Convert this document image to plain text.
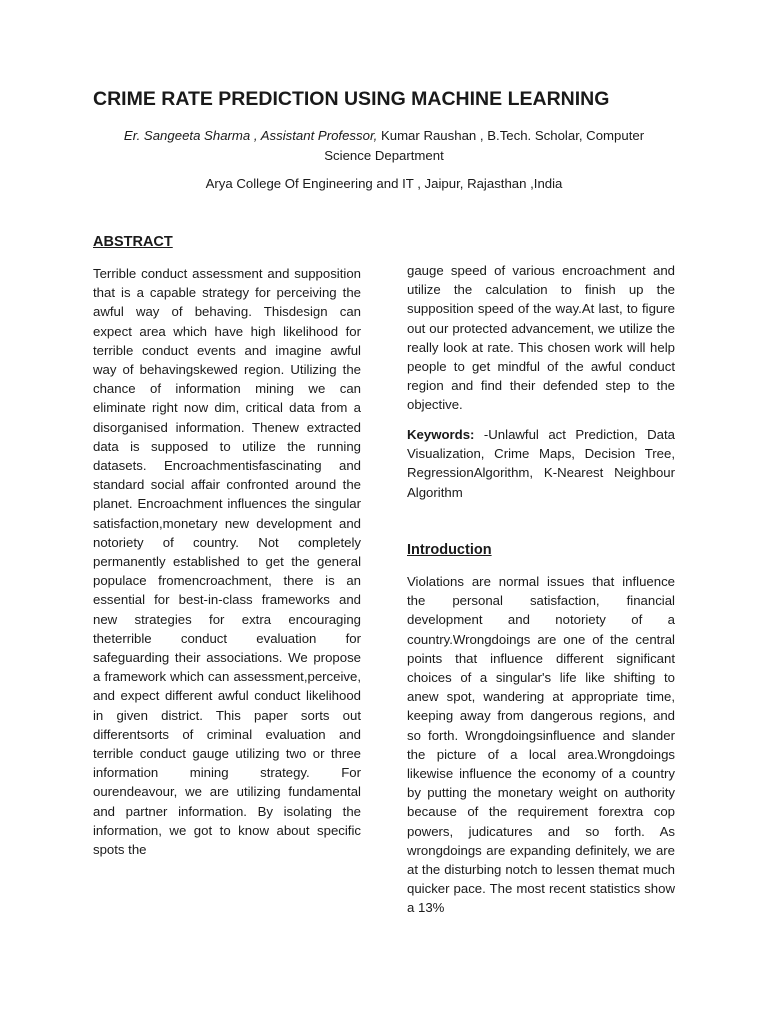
CRIME RATE PREDICTION USING MACHINE LEARNING
Er. Sangeeta Sharma , Assistant Professor, Kumar Raushan , B.Tech. Scholar, Computer Science Department
Arya College Of Engineering and IT , Jaipur, Rajasthan ,India
ABSTRACT

Terrible conduct assessment and supposition that is a capable strategy for perceiving the awful way of behaving. Thisdesign can expect area which have high likelihood for terrible conduct events and imagine awful way of behavingskewed region. Utilizing the chance of information mining we can eliminate right now dim, critical data from a disorganised information. Thenew extracted data is supposed to utilize the running datasets. Encroachmentisfascinating and standard social affair confronted around the planet. Encroachment influences the singular satisfaction,monetary new development and notoriety of country. Not completely permanently established to get the general populace fromencroachment, there is an essential for best-in-class frameworks and new strategies for extra encouraging theterrible conduct evaluation for safeguarding their associations. We propose a framework which can assessment,perceive, and expect different awful conduct likelihood in given district. This paper sorts out differentsorts of criminal evaluation and terrible conduct gauge utilizing two or three information mining strategy. For ourendeavour, we are utilizing fundamental and partner information. By isolating the information, we got to know about specific spots the

gauge speed of various encroachment and utilize the calculation to finish up the supposition speed of the way.At last, to figure out our protected advancement, we utilize the really look at rate. This chosen work will help people to get mindful of the awful conduct region and find their defended step to the objective.

Keywords: -Unlawful act Prediction, Data Visualization, Crime Maps, Decision Tree, RegressionAlgorithm, K-Nearest Neighbour Algorithm

Introduction

Violations are normal issues that influence the personal satisfaction, financial development and notoriety of a country.Wrongdoings are one of the central points that influence different significant choices of a singular's life like shifting to anew spot, wandering at appropriate time, keeping away from dangerous regions, and so forth. Wrongdoingsinfluence and slander the picture of a local area.Wrongdoings likewise influence the economy of a country by putting the monetary weight on authority because of the requirement forextra cop powers, judicatures and so forth. As wrongdoings are expanding definitely, we are at the disturbing notch to lessen themat much quicker pace. The most recent statistics show a 13%
